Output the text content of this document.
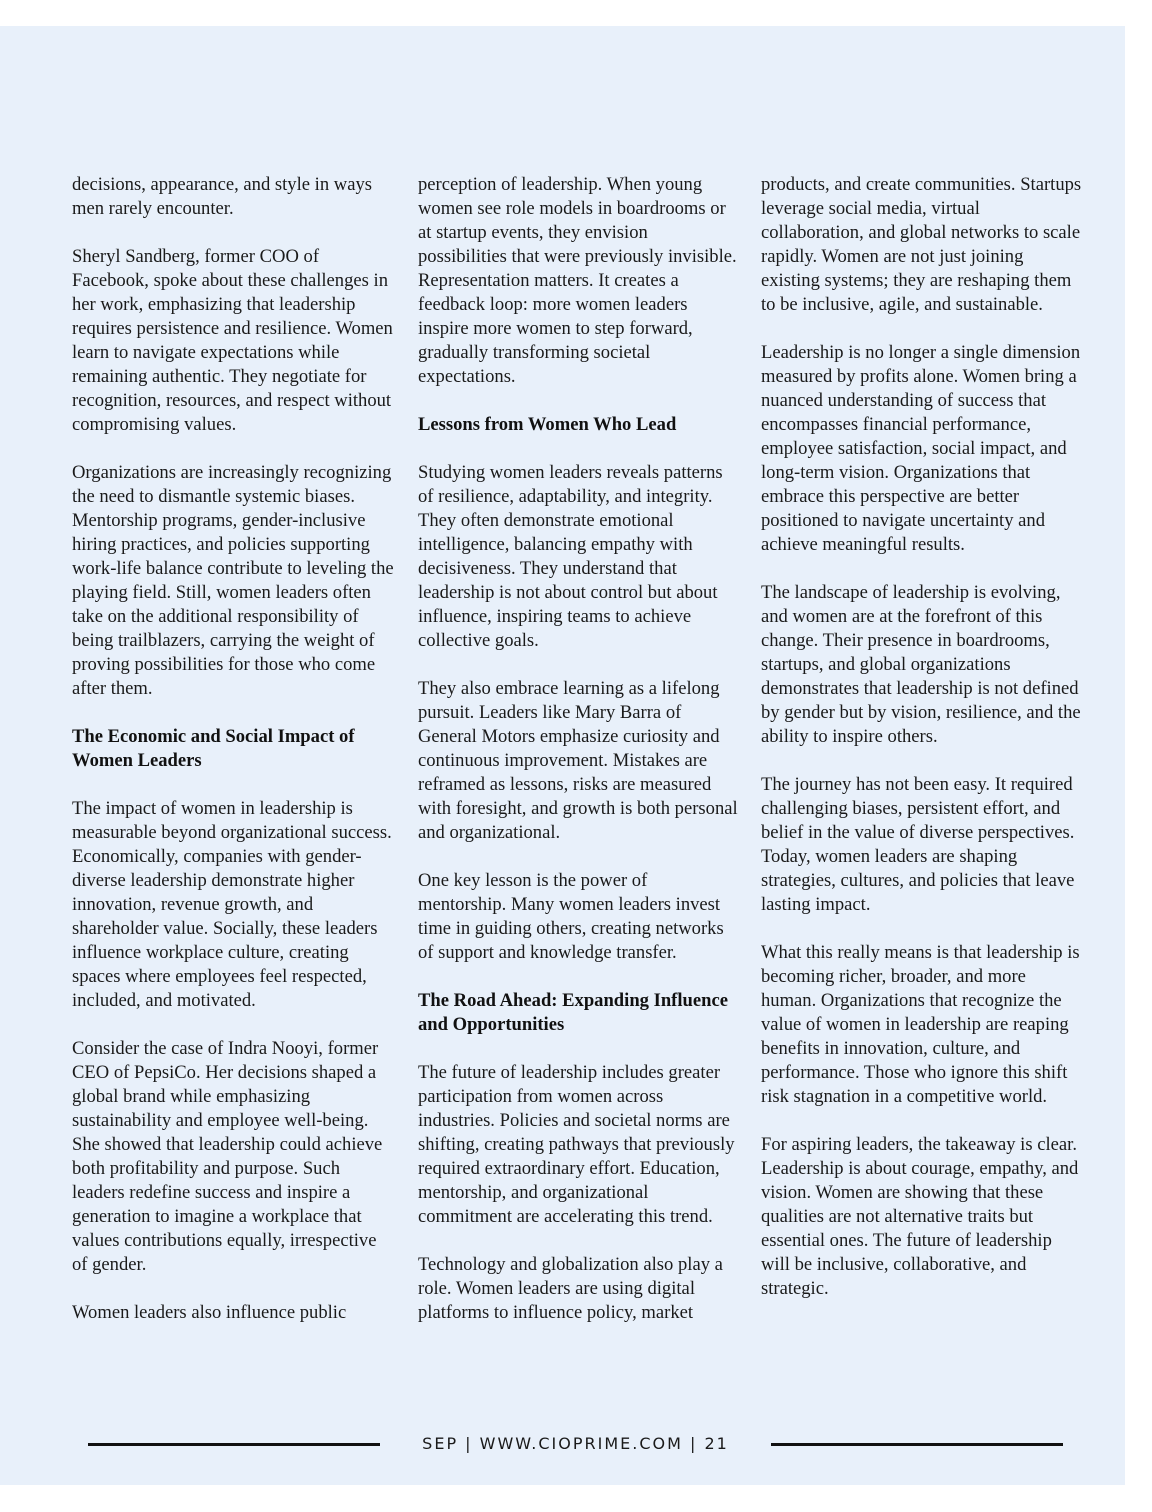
decisions, appearance, and style in ways men rarely encounter.

Sheryl Sandberg, former COO of Facebook, spoke about these challenges in her work, emphasizing that leadership requires persistence and resilience. Women learn to navigate expectations while remaining authentic. They negotiate for recognition, resources, and respect without compromising values.

Organizations are increasingly recognizing the need to dismantle systemic biases. Mentorship programs, gender-inclusive hiring practices, and policies supporting work-life balance contribute to leveling the playing field. Still, women leaders often take on the additional responsibility of being trailblazers, carrying the weight of proving possibilities for those who come after them.

The Economic and Social Impact of Women Leaders

The impact of women in leadership is measurable beyond organizational success. Economically, companies with gender-diverse leadership demonstrate higher innovation, revenue growth, and shareholder value. Socially, these leaders influence workplace culture, creating spaces where employees feel respected, included, and motivated.

Consider the case of Indra Nooyi, former CEO of PepsiCo. Her decisions shaped a global brand while emphasizing sustainability and employee well-being. She showed that leadership could achieve both profitability and purpose. Such leaders redefine success and inspire a generation to imagine a workplace that values contributions equally, irrespective of gender.

Women leaders also influence public

perception of leadership. When young women see role models in boardrooms or at startup events, they envision possibilities that were previously invisible. Representation matters. It creates a feedback loop: more women leaders inspire more women to step forward, gradually transforming societal expectations.

Lessons from Women Who Lead

Studying women leaders reveals patterns of resilience, adaptability, and integrity. They often demonstrate emotional intelligence, balancing empathy with decisiveness. They understand that leadership is not about control but about influence, inspiring teams to achieve collective goals.

They also embrace learning as a lifelong pursuit. Leaders like Mary Barra of General Motors emphasize curiosity and continuous improvement. Mistakes are reframed as lessons, risks are measured with foresight, and growth is both personal and organizational.

One key lesson is the power of mentorship. Many women leaders invest time in guiding others, creating networks of support and knowledge transfer.

The Road Ahead: Expanding Influence and Opportunities

The future of leadership includes greater participation from women across industries. Policies and societal norms are shifting, creating pathways that previously required extraordinary effort. Education, mentorship, and organizational commitment are accelerating this trend.

Technology and globalization also play a role. Women leaders are using digital platforms to influence policy, market

products, and create communities. Startups leverage social media, virtual collaboration, and global networks to scale rapidly. Women are not just joining existing systems; they are reshaping them to be inclusive, agile, and sustainable.

Leadership is no longer a single dimension measured by profits alone. Women bring a nuanced understanding of success that encompasses financial performance, employee satisfaction, social impact, and long-term vision. Organizations that embrace this perspective are better positioned to navigate uncertainty and achieve meaningful results.

The landscape of leadership is evolving, and women are at the forefront of this change. Their presence in boardrooms, startups, and global organizations demonstrates that leadership is not defined by gender but by vision, resilience, and the ability to inspire others.

The journey has not been easy. It required challenging biases, persistent effort, and belief in the value of diverse perspectives. Today, women leaders are shaping strategies, cultures, and policies that leave lasting impact.

What this really means is that leadership is becoming richer, broader, and more human. Organizations that recognize the value of women in leadership are reaping benefits in innovation, culture, and performance. Those who ignore this shift risk stagnation in a competitive world.

For aspiring leaders, the takeaway is clear. Leadership is about courage, empathy, and vision. Women are showing that these qualities are not alternative traits but essential ones. The future of leadership will be inclusive, collaborative, and strategic.

SEP | WWW.CIOPRIME.COM | 21
